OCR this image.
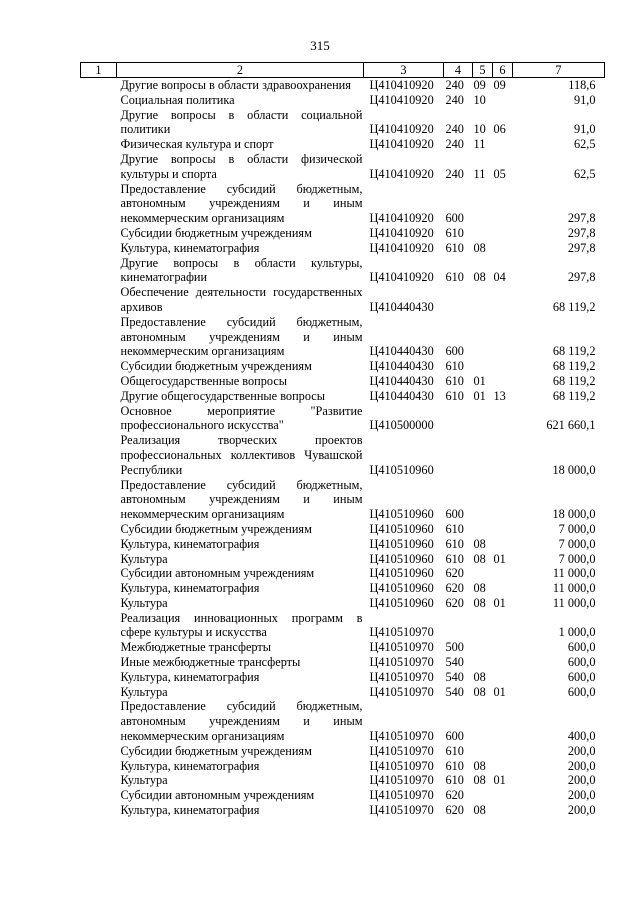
315
1	2	3	4	5	6	7
	Другие вопросы в области здравоохранения	Ц410410920	240	09	09	118,6
	Социальная политика	Ц410410920	240	10		91,0
	Другие вопросы в области социальной политики	Ц410410920	240	10	06	91,0
	Физическая культура и спорт	Ц410410920	240	11		62,5
	Другие вопросы в области физической культуры и спорта	Ц410410920	240	11	05	62,5
	Предоставление субсидий бюджетным, автономным учреждениям и иным некоммерческим организациям	Ц410410920	600			297,8
	Субсидии бюджетным учреждениям	Ц410410920	610			297,8
	Культура, кинематография	Ц410410920	610	08		297,8
	Другие вопросы в области культуры, кинематографии	Ц410410920	610	08	04	297,8
	Обеспечение деятельности государственных архивов	Ц410440430				68 119,2
	Предоставление субсидий бюджетным, автономным учреждениям и иным некоммерческим организациям	Ц410440430	600			68 119,2
	Субсидии бюджетным учреждениям	Ц410440430	610			68 119,2
	Общегосударственные вопросы	Ц410440430	610	01		68 119,2
	Другие общегосударственные вопросы	Ц410440430	610	01	13	68 119,2
	Основное мероприятие "Развитие профессионального искусства"	Ц410500000				621 660,1
	Реализация творческих проектов профессиональных коллективов Чувашской Республики	Ц410510960				18 000,0
	Предоставление субсидий бюджетным, автономным учреждениям и иным некоммерческим организациям	Ц410510960	600			18 000,0
	Субсидии бюджетным учреждениям	Ц410510960	610			7 000,0
	Культура, кинематография	Ц410510960	610	08		7 000,0
	Культура	Ц410510960	610	08	01	7 000,0
	Субсидии автономным учреждениям	Ц410510960	620			11 000,0
	Культура, кинематография	Ц410510960	620	08		11 000,0
	Культура	Ц410510960	620	08	01	11 000,0
	Реализация инновационных программ в сфере культуры и искусства	Ц410510970				1 000,0
	Межбюджетные трансферты	Ц410510970	500			600,0
	Иные межбюджетные трансферты	Ц410510970	540			600,0
	Культура, кинематография	Ц410510970	540	08		600,0
	Культура	Ц410510970	540	08	01	600,0
	Предоставление субсидий бюджетным, автономным учреждениям и иным некоммерческим организациям	Ц410510970	600			400,0
	Субсидии бюджетным учреждениям	Ц410510970	610			200,0
	Культура, кинематография	Ц410510970	610	08		200,0
	Культура	Ц410510970	610	08	01	200,0
	Субсидии автономным учреждениям	Ц410510970	620			200,0
	Культура, кинематография	Ц410510970	620	08		200,0
